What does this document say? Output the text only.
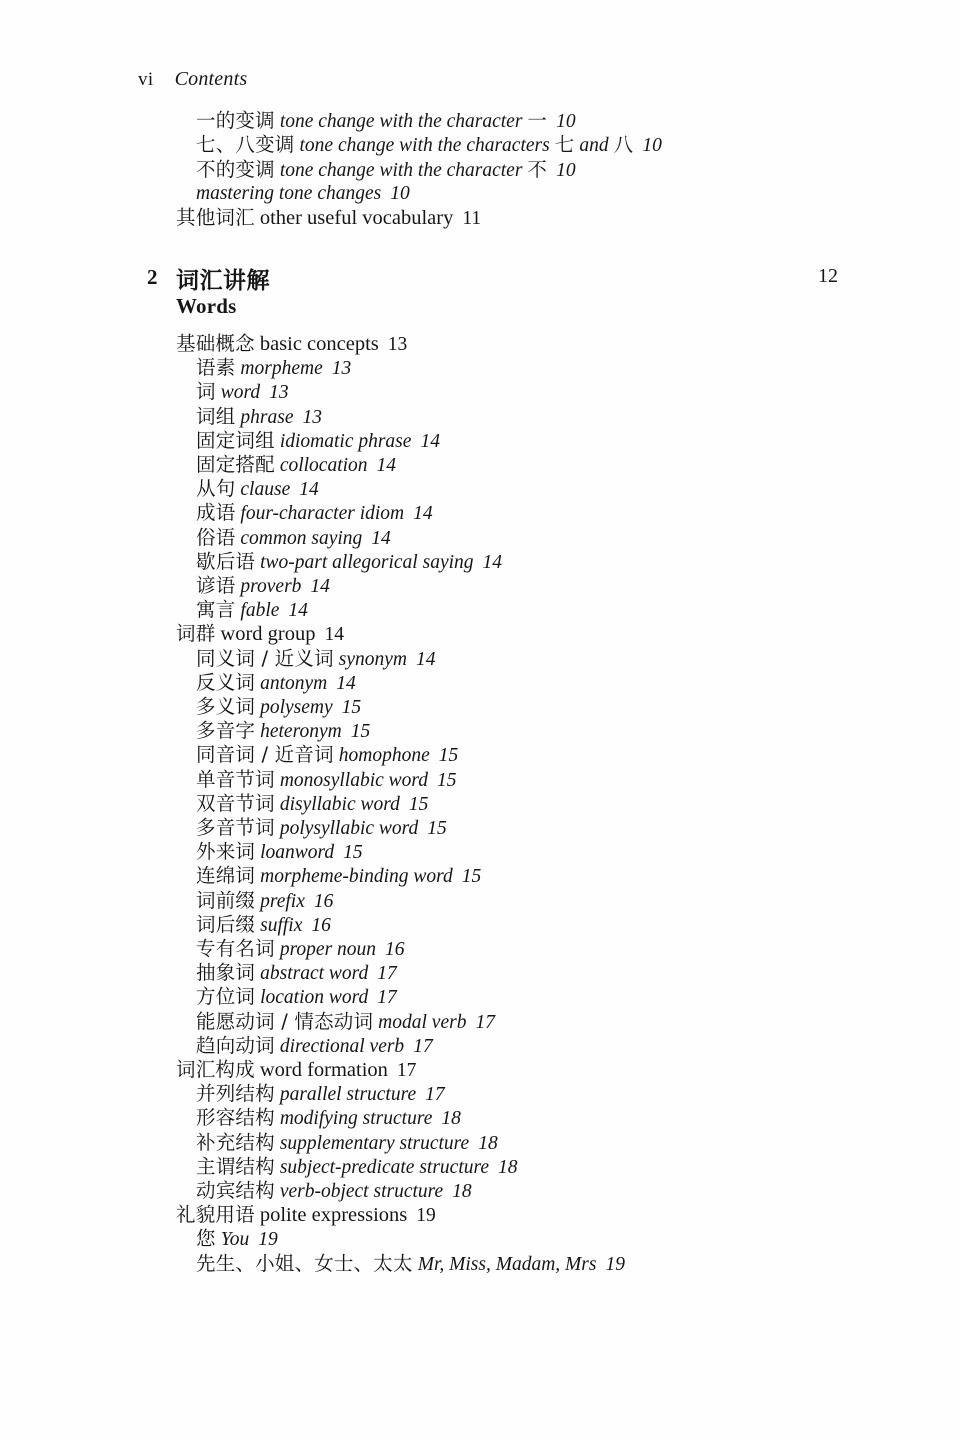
vi Contents
一的变调 tone change with the character 一 10
七、八变调 tone change with the characters 七 and 八 10
不的变调 tone change with the character 不 10
mastering tone changes 10
其他词汇 other useful vocabulary 11
2 词汇讲解
Words
12
基础概念 basic concepts 13
语素 morpheme 13
词 word 13
词组 phrase 13
固定词组 idiomatic phrase 14
固定搭配 collocation 14
从句 clause 14
成语 four-character idiom 14
俗语 common saying 14
歇后语 two-part allegorical saying 14
谚语 proverb 14
寓言 fable 14
词群 word group 14
同义词 / 近义词 synonym 14
反义词 antonym 14
多义词 polysemy 15
多音字 heteronym 15
同音词 / 近音词 homophone 15
单音节词 monosyllabic word 15
双音节词 disyllabic word 15
多音节词 polysyllabic word 15
外来词 loanword 15
连绵词 morpheme-binding word 15
词前缀 prefix 16
词后缀 suffix 16
专有名词 proper noun 16
抽象词 abstract word 17
方位词 location word 17
能愿动词 / 情态动词 modal verb 17
趋向动词 directional verb 17
词汇构成 word formation 17
并列结构 parallel structure 17
形容结构 modifying structure 18
补充结构 supplementary structure 18
主谓结构 subject-predicate structure 18
动宾结构 verb-object structure 18
礼貌用语 polite expressions 19
您 You 19
先生、小姐、女士、太太 Mr, Miss, Madam, Mrs 19
